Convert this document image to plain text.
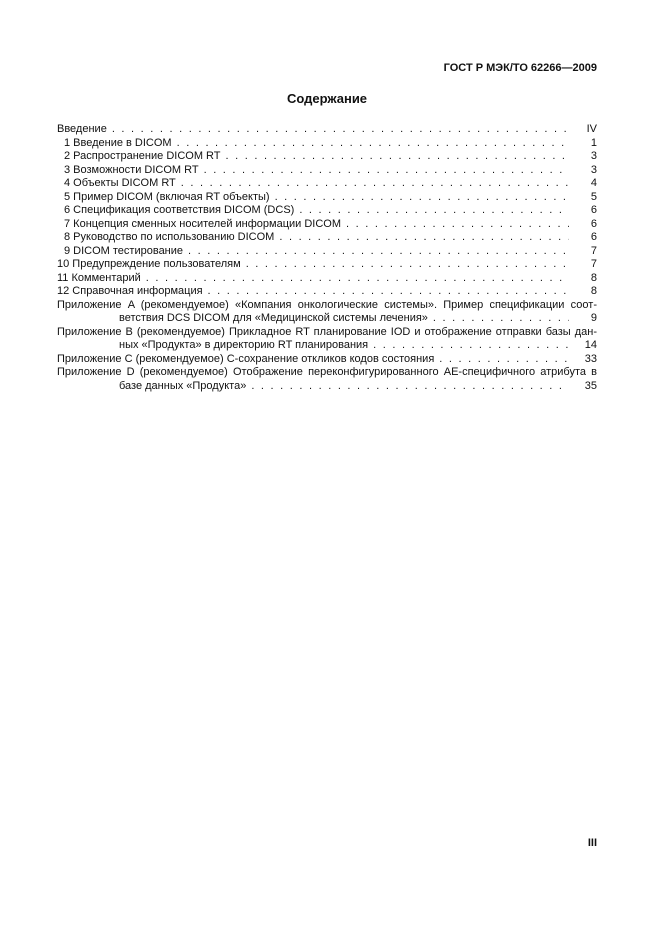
ГОСТ Р МЭК/ТО 62266—2009
Содержание
Введение . . .	IV
1 Введение в DICOM . . .	1
2 Распространение DICOM RT . . .	3
3 Возможности DICOM RT . . .	3
4 Объекты DICOM RT . . .	4
5 Пример DICOM (включая RT объекты) . . .	5
6 Спецификация соответствия DICOM (DCS) . . .	6
7 Концепция сменных носителей информации DICOM . . .	6
8 Руководство по использованию DICOM . . .	6
9 DICOM тестирование . . .	7
10 Предупреждение пользователям . . .	7
11 Комментарий . . .	8
12 Справочная информация . . .	8
Приложение A (рекомендуемое) «Компания онкологические системы». Пример спецификации соот-
ветствия DCS DICOM для «Медицинской системы лечения» . . .	9
Приложение B (рекомендуемое) Прикладное RT планирование IOD и отображение отправки базы дан-
ных «Продукта» в директорию RT планирования . . .	14
Приложение C (рекомендуемое) C-сохранение откликов кодов состояния . . .	33
Приложение D (рекомендуемое) Отображение переконфигурированного AE-специфичного атрибута в
базе данных «Продукта» . . .	35
III
